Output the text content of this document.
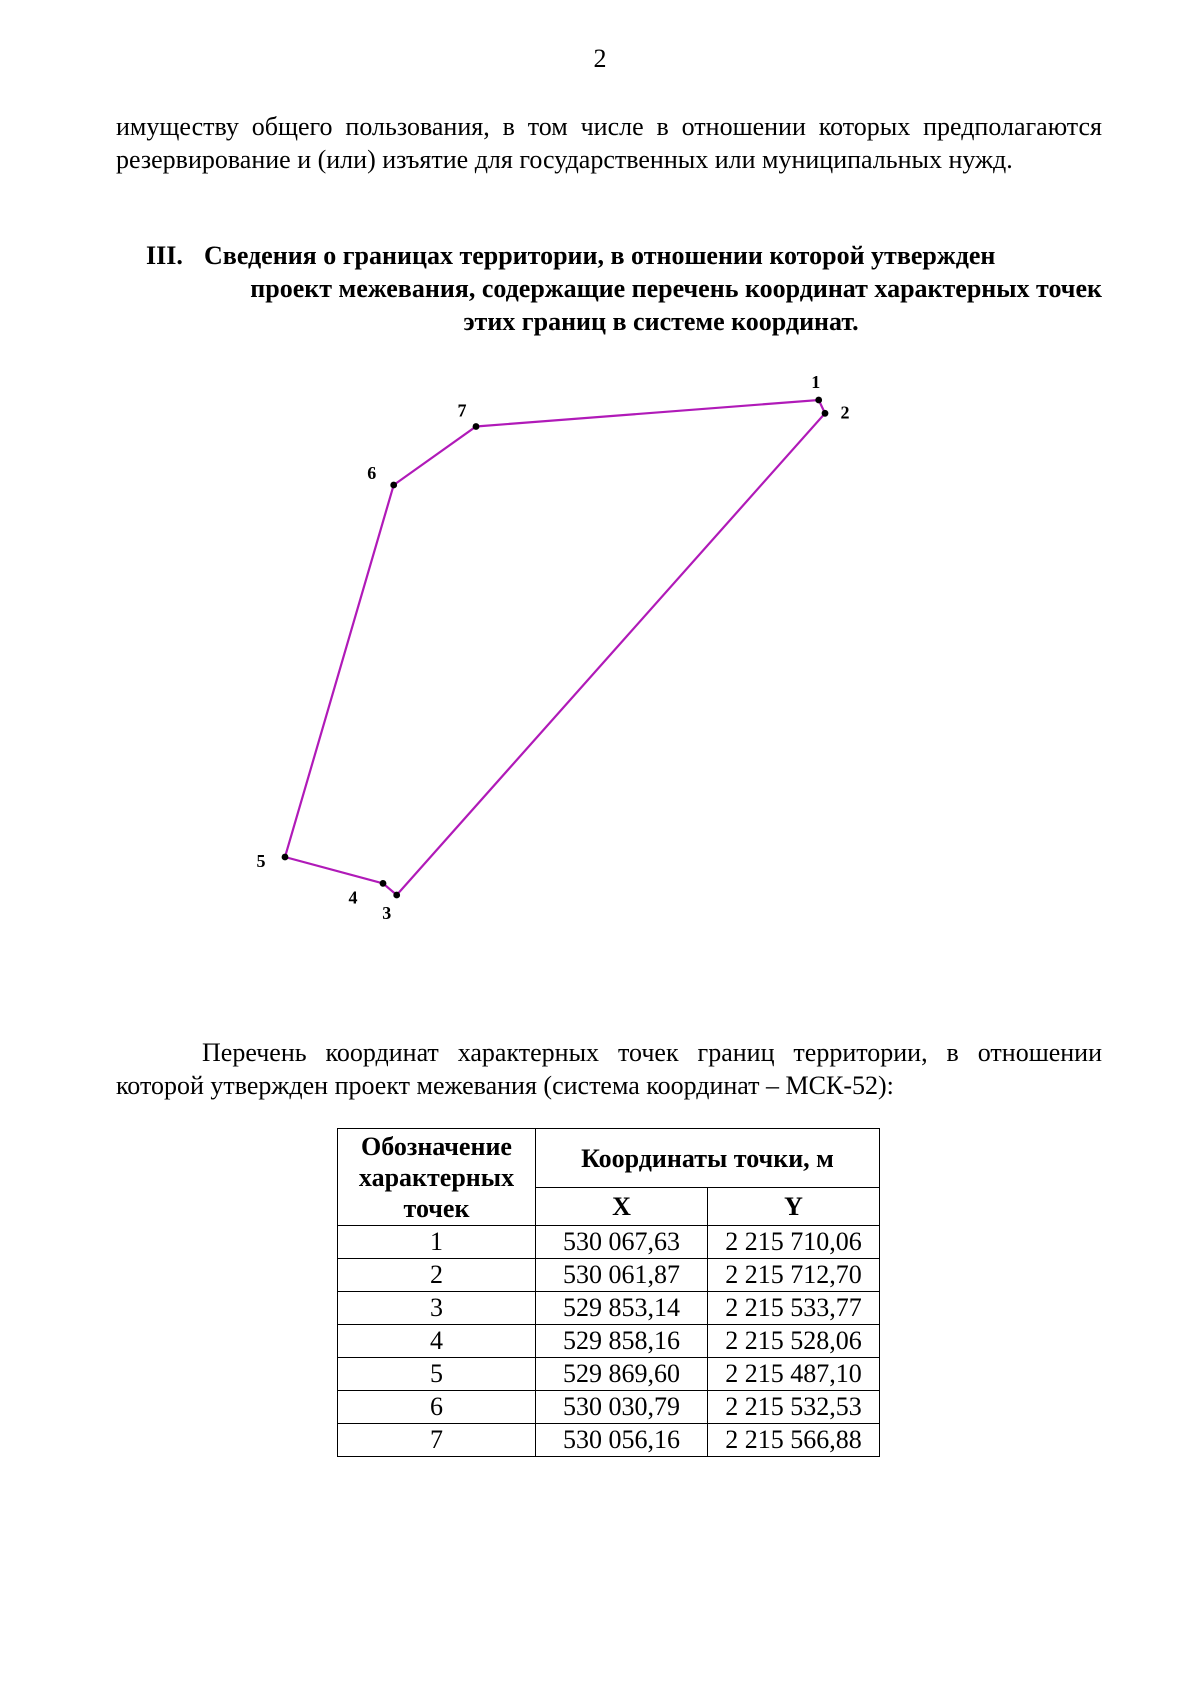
2

имуществу общего пользования, в том числе в отношении которых предполагаются резервирование и (или) изъятие для государственных или муниципальных нужд.

III. Сведения о границах территории, в отношении которой утвержден
проект межевания, содержащие перечень координат характерных точек
этих границ в системе координат.
1
2
3
4
5
6
7

Перечень координат характерных точек границ территории, в отношении которой утвержден проект межевания (система координат – МСК-52):

Обозначение характерных точек	Координаты точки, м	
	X	Y
1	530 067,63	2 215 710,06
2	530 061,87	2 215 712,70
3	529 853,14	2 215 533,77
4	529 858,16	2 215 528,06
5	529 869,60	2 215 487,10
6	530 030,79	2 215 532,53
7	530 056,16	2 215 566,88
